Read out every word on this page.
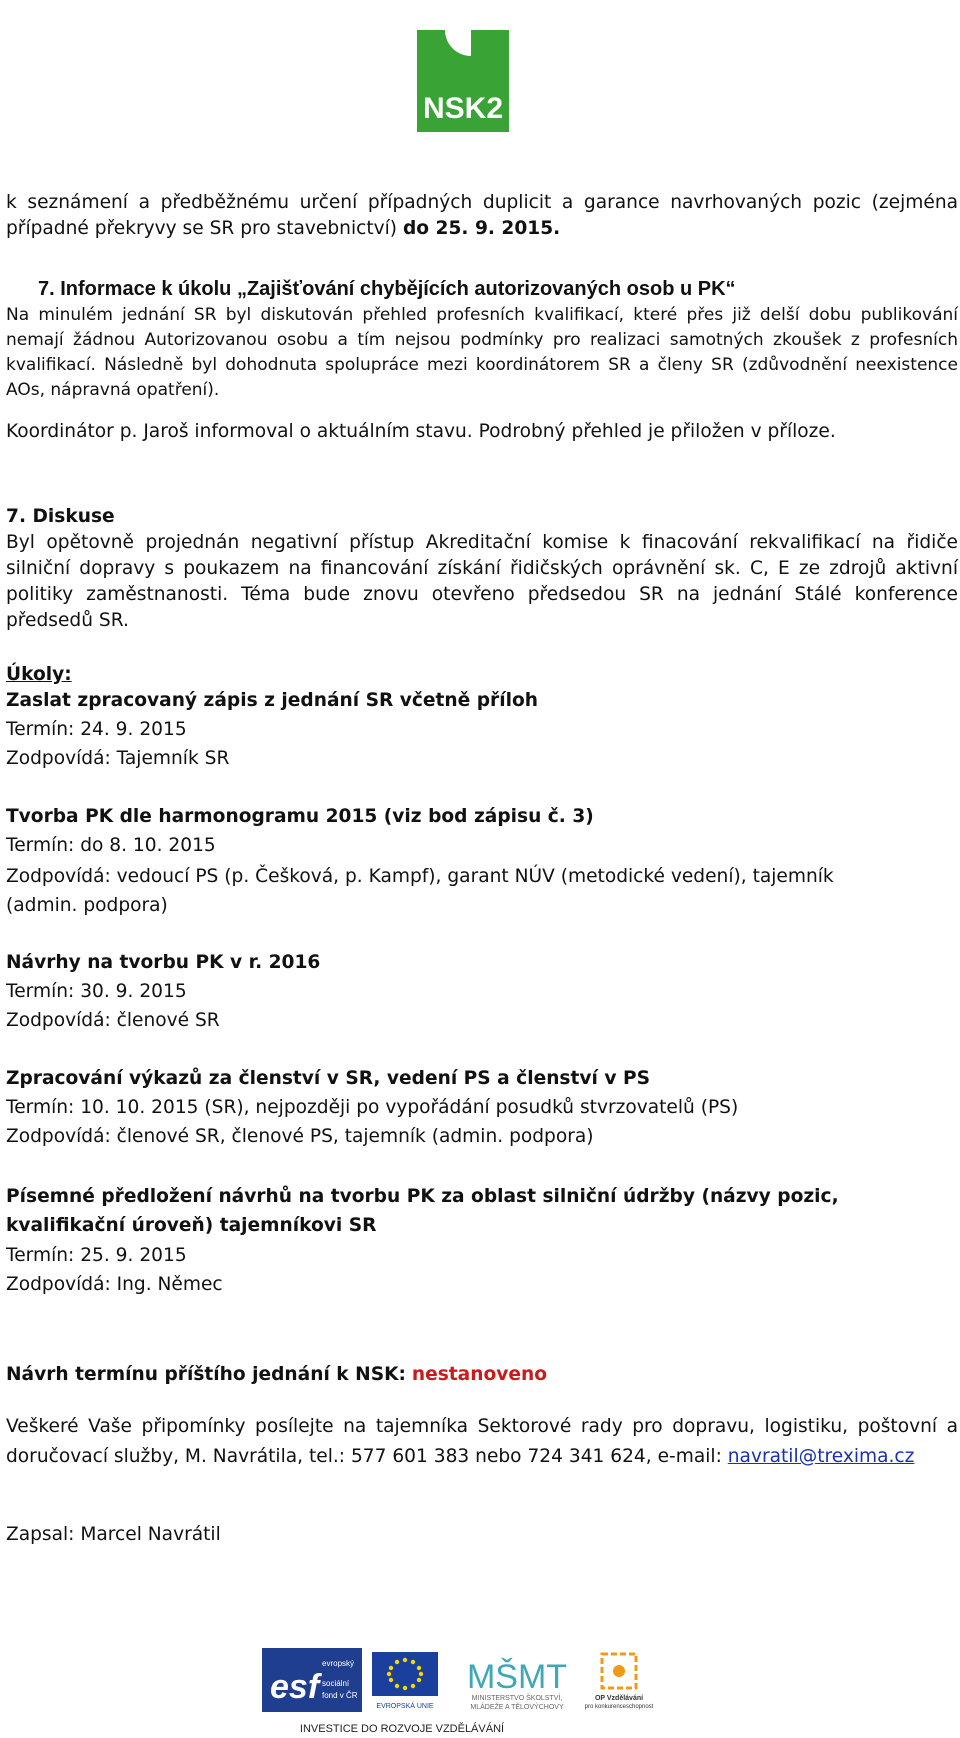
NSK2

k seznámení a předběžnému určení případných duplicit a garance navrhovaných pozic (zejména případné překryvy se SR pro stavebnictví) do 25. 9. 2015.

7. Informace k úkolu „Zajišťování chybějících autorizovaných osob u PK“

Na minulém jednání SR byl diskutován přehled profesních kvalifikací, které přes již delší dobu publikování nemají žádnou Autorizovanou osobu a tím nejsou podmínky pro realizaci samotných zkoušek z profesních kvalifikací. Následně byl dohodnuta spolupráce mezi koordinátorem SR a členy SR (zdůvodnění neexistence AOs, nápravná opatření).

Koordinátor p. Jaroš informoval o aktuálním stavu. Podrobný přehled je přiložen v příloze.

7. Diskuse

Byl opětovně projednán negativní přístup Akreditační komise k finacování rekvalifikací na řidiče silniční dopravy s poukazem na financování získání řidičských oprávnění sk. C, E ze zdrojů aktivní politiky zaměstnanosti. Téma bude znovu otevřeno předsedou SR na jednání Stálé konference předsedů SR.

Úkoly:

Zaslat zpracovaný zápis z jednání SR včetně příloh

Termín: 24. 9. 2015

Zodpovídá: Tajemník SR

Tvorba PK dle harmonogramu 2015 (viz bod zápisu č. 3)

Termín: do 8. 10. 2015

Zodpovídá: vedoucí PS (p. Češková, p. Kampf), garant NÚV (metodické vedení), tajemník (admin. podpora)

Návrhy na tvorbu PK v r. 2016

Termín: 30. 9. 2015

Zodpovídá: členové SR

Zpracování výkazů za členství v SR, vedení PS a členství v PS

Termín: 10. 10. 2015 (SR), nejpozději po vypořádání posudků stvrzovatelů (PS)

Zodpovídá: členové SR, členové PS, tajemník (admin. podpora)

Písemné předložení návrhů na tvorbu PK za oblast silniční údržby (názvy pozic, kvalifikační úroveň) tajemníkovi SR

Termín: 25. 9. 2015

Zodpovídá: Ing. Němec

Návrh termínu příštího jednání k NSK: nestanoveno

Veškeré Vaše připomínky posílejte na tajemníka Sektorové rady pro dopravu, logistiku, poštovní a doručovací služby, M. Navrátila, tel.: 577 601 383 nebo 724 341 624, e-mail: navratil@trexima.cz

Zapsal: Marcel Navrátil

esf
evropský
sociální
fond v ČR
EVROPSKÁ UNIE
MŠMT
MINISTERSTVO ŠKOLSTVÍ,
MLÁDEŽE A TĚLOVÝCHOVY
OP Vzdělávání
pro konkurenceschopnost
INVESTICE DO ROZVOJE VZDĚLÁVÁNÍ
